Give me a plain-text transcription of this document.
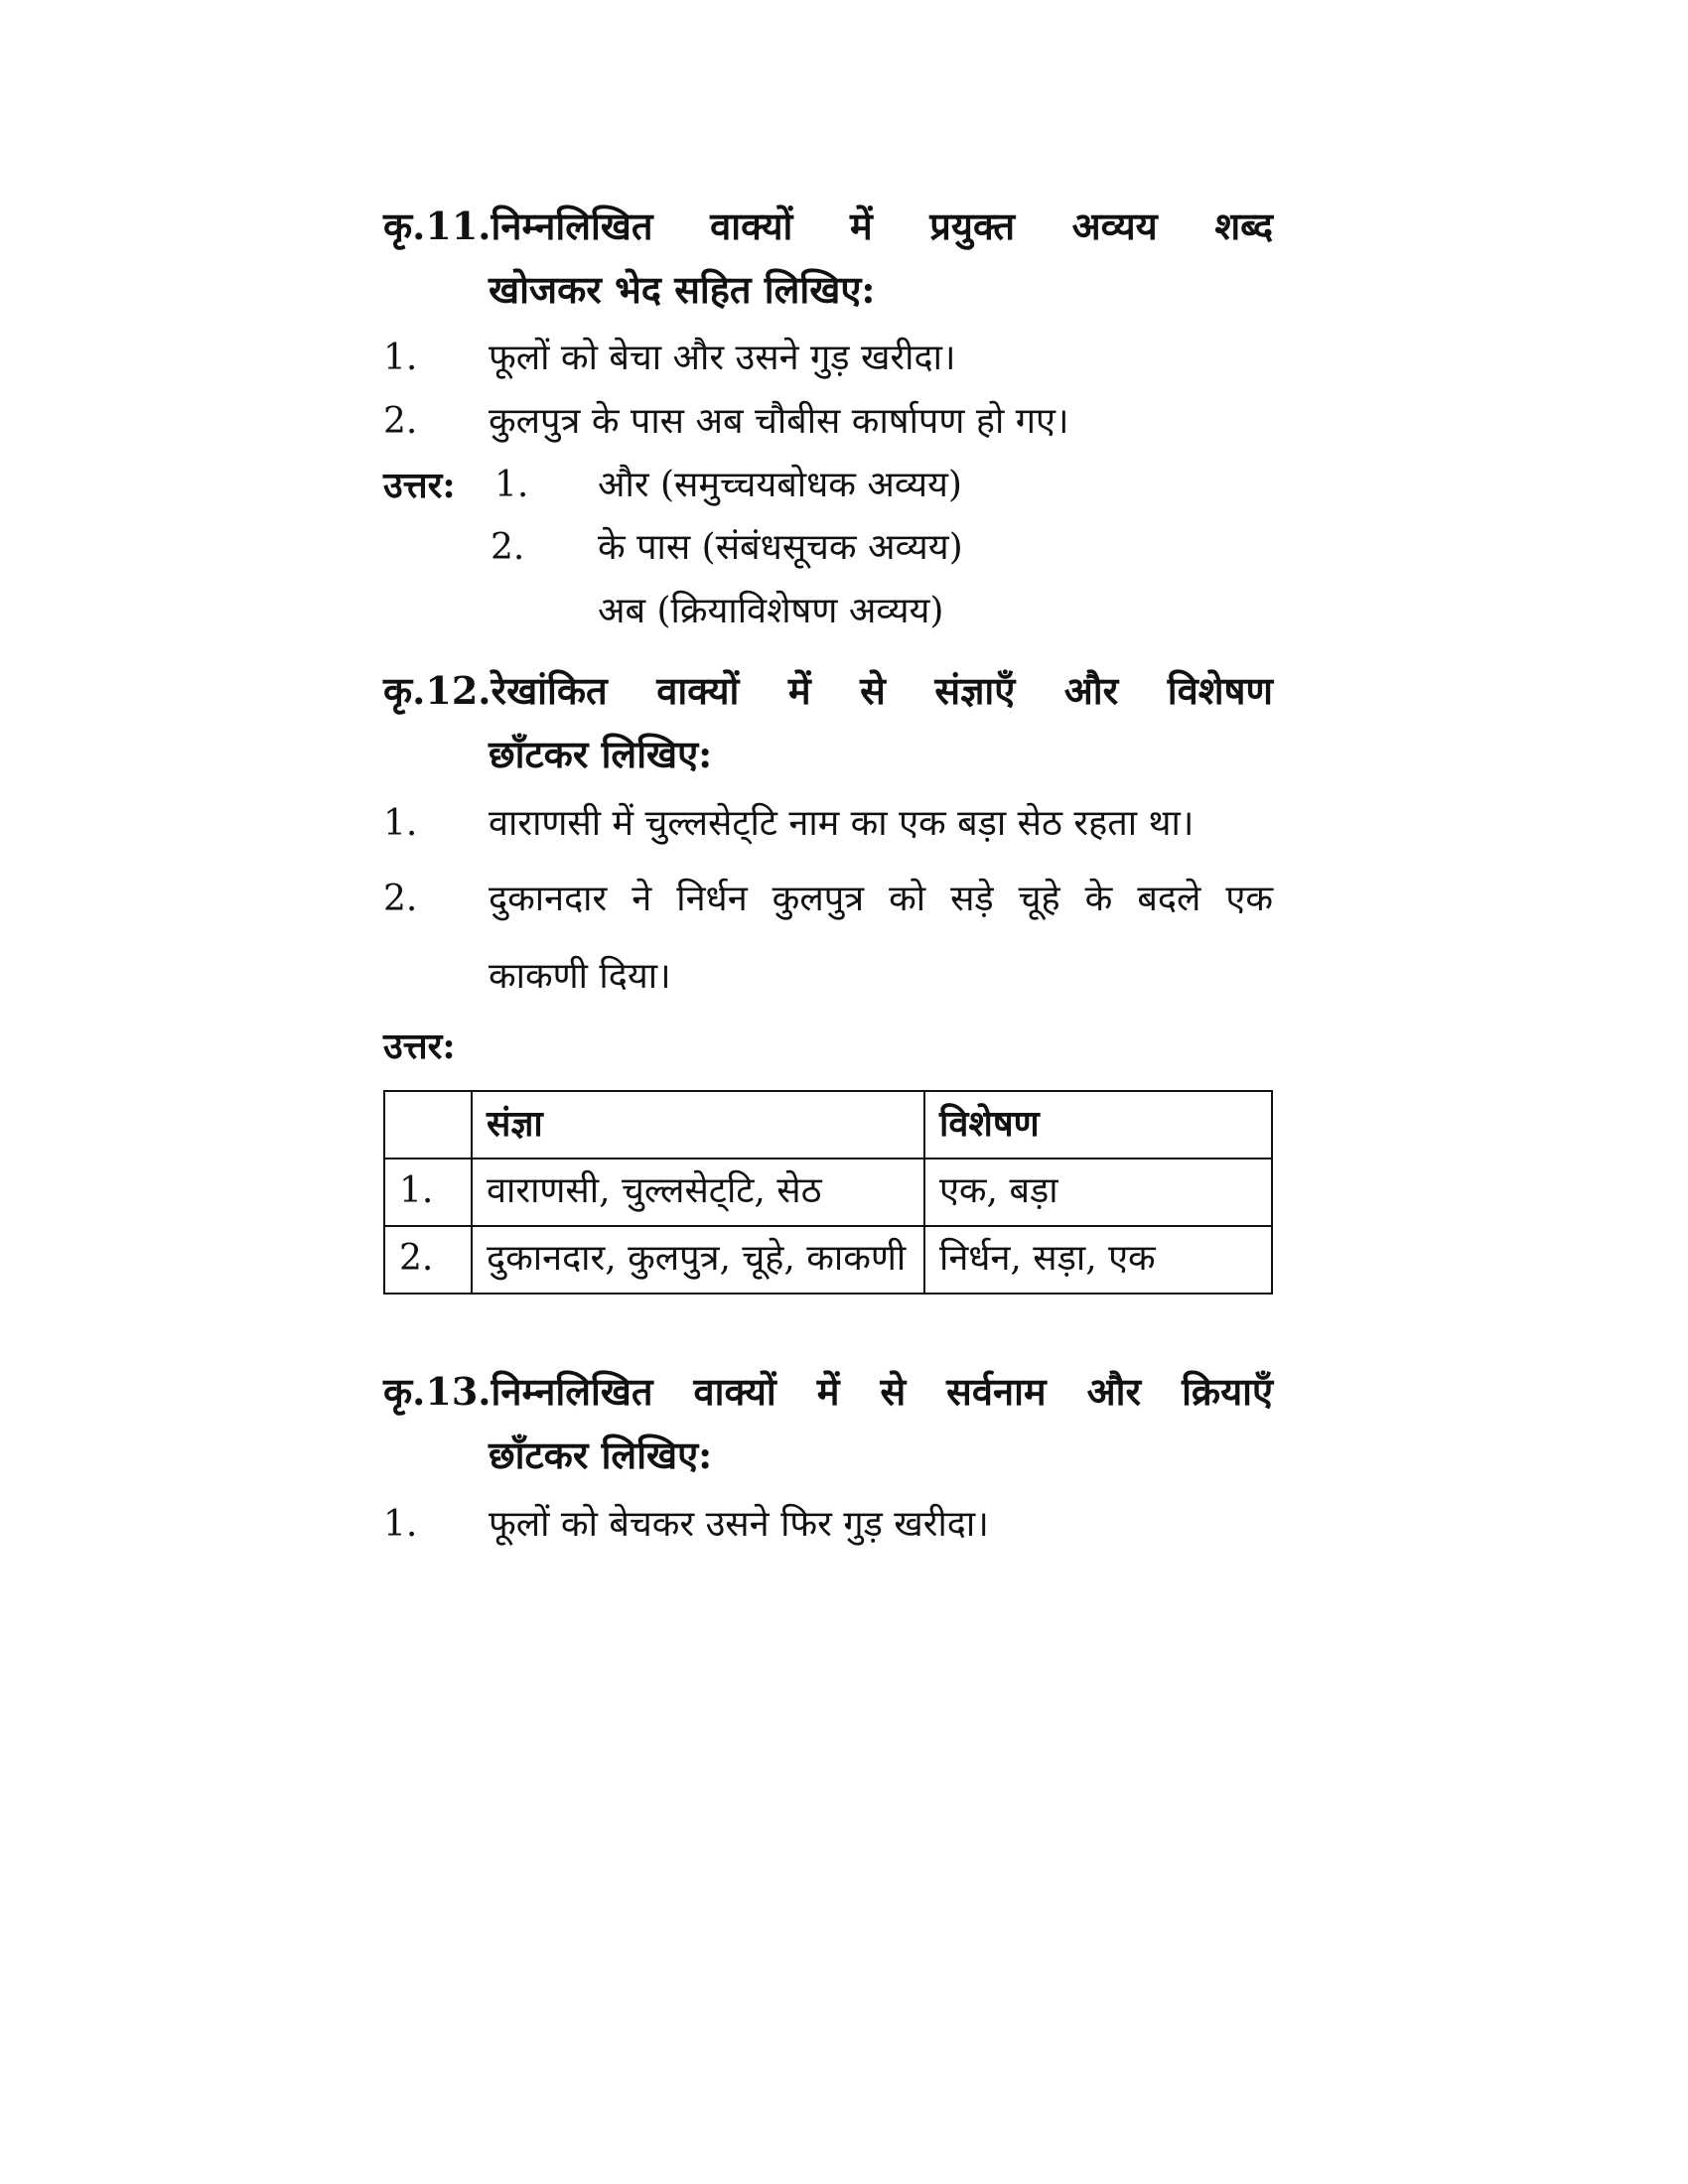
कृ.11.निम्नलिखित वाक्यों में प्रयुक्त अव्यय शब्द
खोजकर भेद सहित लिखिए:
1. फूलों को बेचा और उसने गुड़ खरीदा।
2. कुलपुत्र के पास अब चौबीस कार्षापण हो गए।
उत्तर: 1. और (समुच्चयबोधक अव्यय)
2. के पास (संबंधसूचक अव्यय)
अब (क्रियाविशेषण अव्यय)
कृ.12.रेखांकित वाक्यों में से संज्ञाएँ और विशेषण
छाँटकर लिखिए:
1. वाराणसी में चुल्लसेट्‌टि नाम का एक बड़ा सेठ रहता था।
2. दुकानदार ने निर्धन कुलपुत्र को सड़े चूहे के बदले एक
काकणी दिया।
उत्तर:
	संज्ञा	विशेषण
1.	वाराणसी, चुल्लसेट्‌टि, सेठ	एक, बड़ा
2.	दुकानदार, कुलपुत्र, चूहे, काकणी	निर्धन, सड़ा, एक
कृ.13.निम्नलिखित वाक्यों में से सर्वनाम और क्रियाएँ
छाँटकर लिखिए:
1. फूलों को बेचकर उसने फिर गुड़ खरीदा।
